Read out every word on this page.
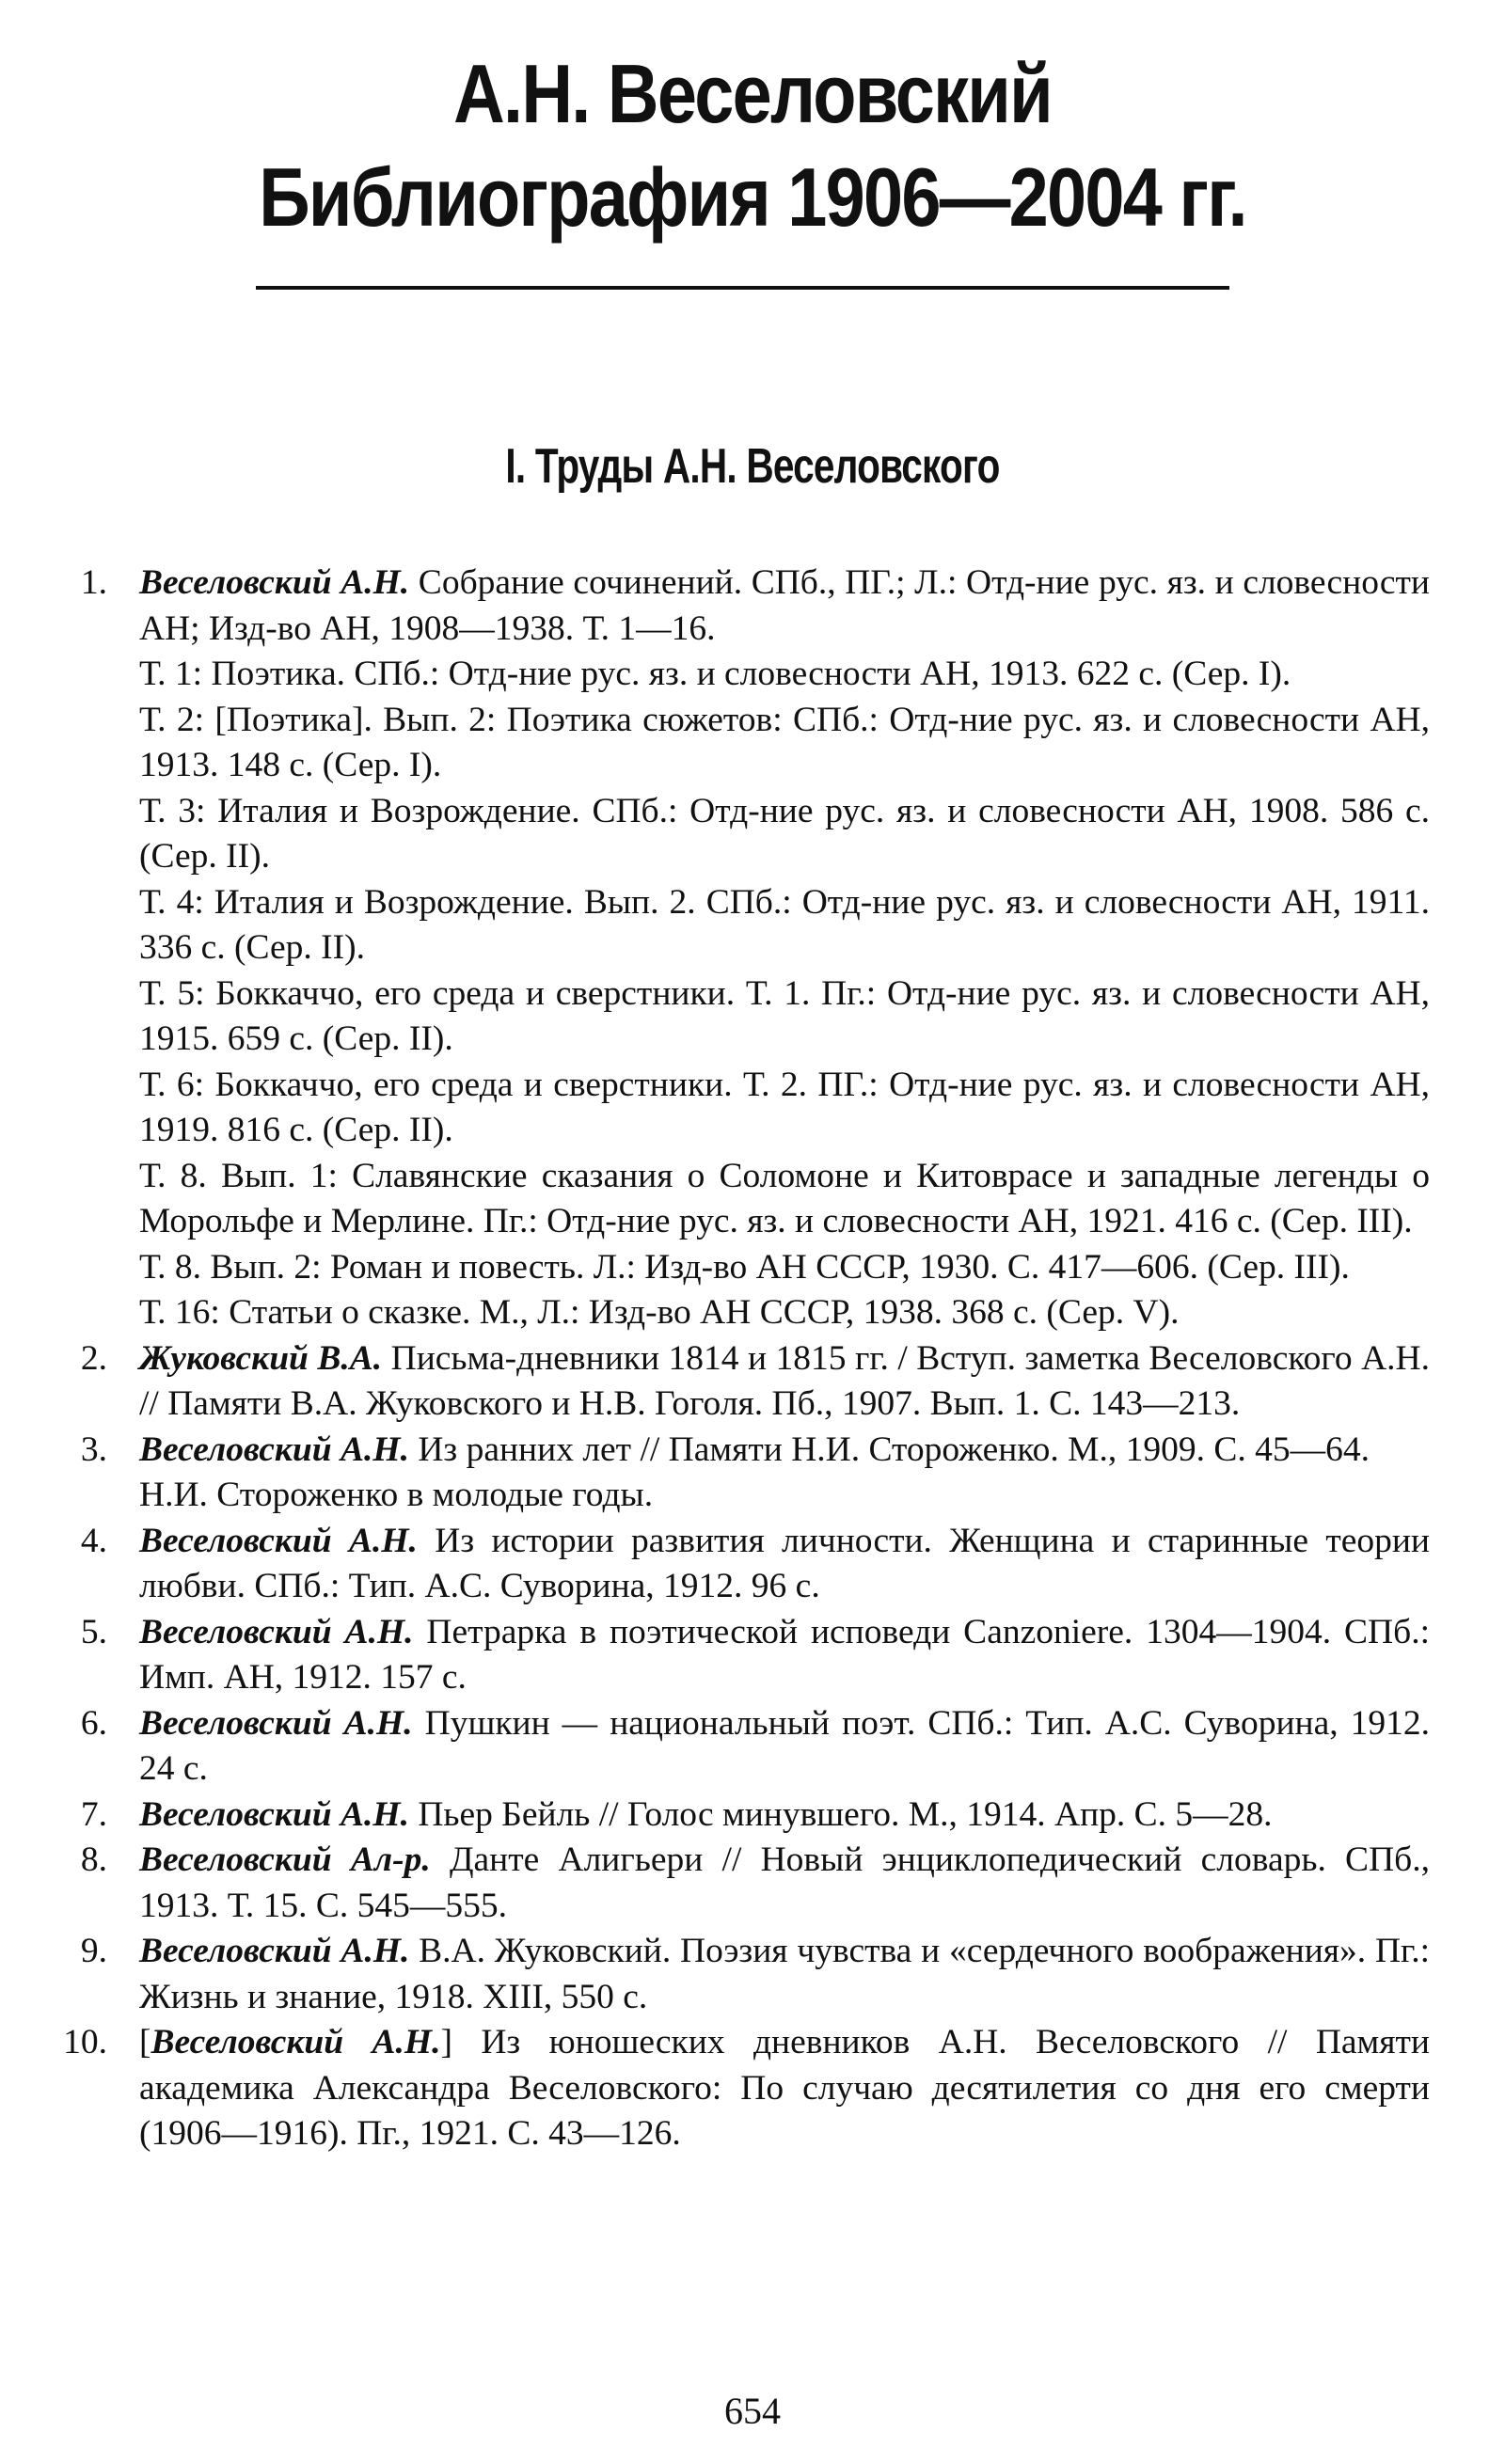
А.Н. Веселовский
Библиография 1906—2004 гг.
I. Труды А.Н. Веселовского
1. Веселовский А.Н. Собрание сочинений. СПб., ПГ.; Л.: Отд-ние рус. яз. и словесности АН; Изд-во АН, 1908—1938. Т. 1—16.
Т. 1: Поэтика. СПб.: Отд-ние рус. яз. и словесности АН, 1913. 622 с. (Сер. I).
Т. 2: [Поэтика]. Вып. 2: Поэтика сюжетов: СПб.: Отд-ние рус. яз. и словесности АН, 1913. 148 с. (Сер. I).
Т. 3: Италия и Возрождение. СПб.: Отд-ние рус. яз. и словесности АН, 1908. 586 с. (Сер. II).
Т. 4: Италия и Возрождение. Вып. 2. СПб.: Отд-ние рус. яз. и словесности АН, 1911. 336 с. (Сер. II).
Т. 5: Боккаччо, его среда и сверстники. Т. 1. Пг.: Отд-ние рус. яз. и словесности АН, 1915. 659 с. (Сер. II).
Т. 6: Боккаччо, его среда и сверстники. Т. 2. ПГ.: Отд-ние рус. яз. и словесности АН, 1919. 816 с. (Сер. II).
Т. 8. Вып. 1: Славянские сказания о Соломоне и Китоврасе и западные легенды о Морольфе и Мерлине. Пг.: Отд-ние рус. яз. и словесности АН, 1921. 416 с. (Сер. III).
Т. 8. Вып. 2: Роман и повесть. Л.: Изд-во АН СССР, 1930. С. 417—606. (Сер. III).
Т. 16: Статьи о сказке. М., Л.: Изд-во АН СССР, 1938. 368 с. (Сер. V).
2. Жуковский В.А. Письма-дневники 1814 и 1815 гг. / Вступ. заметка Веселовского А.Н. // Памяти В.А. Жуковского и Н.В. Гоголя. Пб., 1907. Вып. 1. С. 143—213.
3. Веселовский А.Н. Из ранних лет // Памяти Н.И. Стороженко. М., 1909. С. 45—64.
Н.И. Стороженко в молодые годы.
4. Веселовский А.Н. Из истории развития личности. Женщина и старинные теории любви. СПб.: Тип. А.С. Суворина, 1912. 96 с.
5. Веселовский А.Н. Петрарка в поэтической исповеди Canzoniere. 1304—1904. СПб.: Имп. АН, 1912. 157 с.
6. Веселовский А.Н. Пушкин — национальный поэт. СПб.: Тип. А.С. Суворина, 1912. 24 с.
7. Веселовский А.Н. Пьер Бейль // Голос минувшего. М., 1914. Апр. С. 5—28.
8. Веселовский Ал-р. Данте Алигьери // Новый энциклопедический словарь. СПб., 1913. Т. 15. С. 545—555.
9. Веселовский А.Н. В.А. Жуковский. Поэзия чувства и «сердечного воображения». Пг.: Жизнь и знание, 1918. XIII, 550 с.
10. [Веселовский А.Н.] Из юношеских дневников А.Н. Веселовского // Памяти академика Александра Веселовского: По случаю десятилетия со дня его смерти (1906—1916). Пг., 1921. С. 43—126.
654
